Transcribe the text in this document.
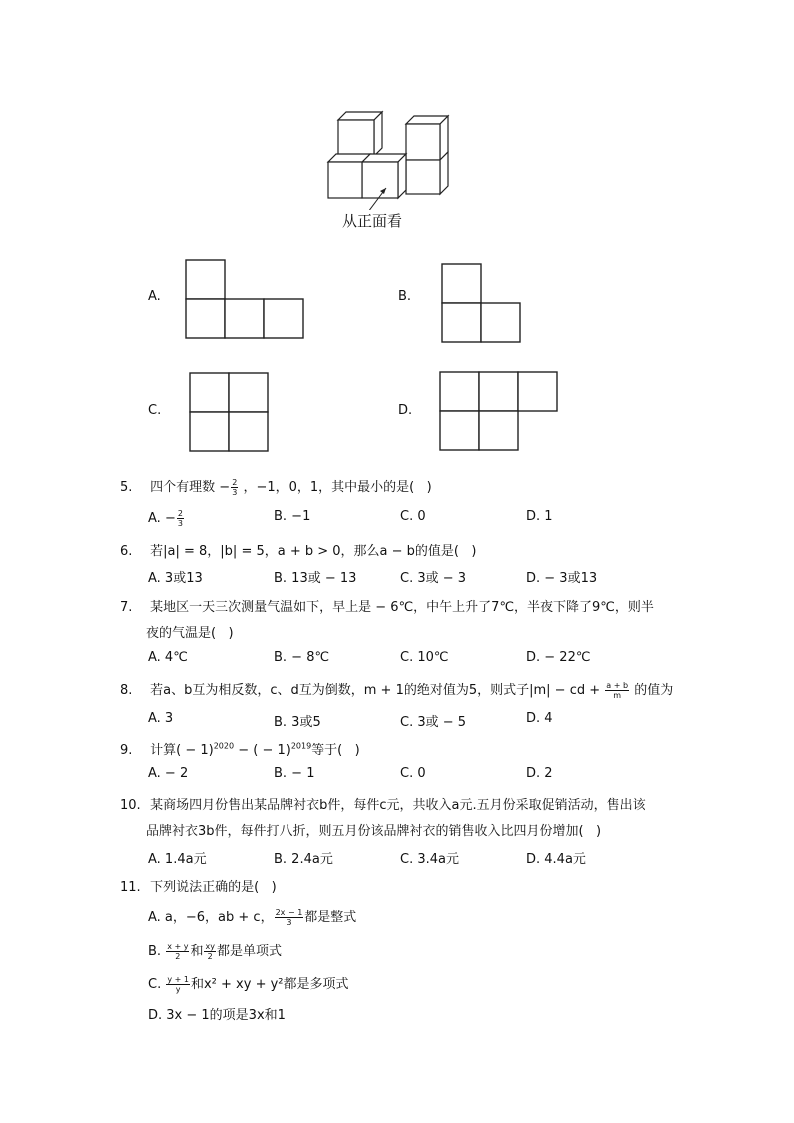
从正面看
A.	B.
C.	D.
5. 四个有理数 − $\frac{2}{3}$ ，−1，0，1，其中最小的是(   )
A. − $\frac{2}{3}$	B. −1	C. 0	D. 1
6. 若|a| = 8，|b| = 5，a + b > 0，那么a − b的值是(   )
A. 3或13	B. 13或 − 13	C. 3或 − 3	D. − 3或13
7. 某地区一天三次测量气温如下，早上是 − 6℃，中午上升了7℃，半夜下降了9℃，则半
夜的气温是(   )
A. 4℃	B. − 8℃	C. 10℃	D. − 22℃
8. 若a、b互为相反数，c、d互为倒数，m + 1的绝对值为5，则式子|m| − cd + $\frac{a + b}{m}$ 的值为
A. 3	B. 3或5	C. 3或 − 5	D. 4
9. 计算( − 1)$^{2020}$ − ( − 1)$^{2019}$等于(   )
A. − 2	B. − 1	C. 0	D. 2
10. 某商场四月份售出某品牌衬衣b件，每件c元，共收入a元.五月份采取促销活动，售出该
品牌衬衣3b件，每件打八折，则五月份该品牌衬衣的销售收入比四月份增加(   )
A. 1.4a元	B. 2.4a元	C. 3.4a元	D. 4.4a元
11. 下列说法正确的是(   )
A. a，−6，ab + c， $\frac{2x - 1}{3}$ 都是整式
B. $\frac{x + y}{2}$ 和 $\frac{xy}{2}$ 都是单项式
C. $\frac{y + 1}{y}$ 和x² + xy + y²都是多项式
D. 3x − 1的项是3x和1
